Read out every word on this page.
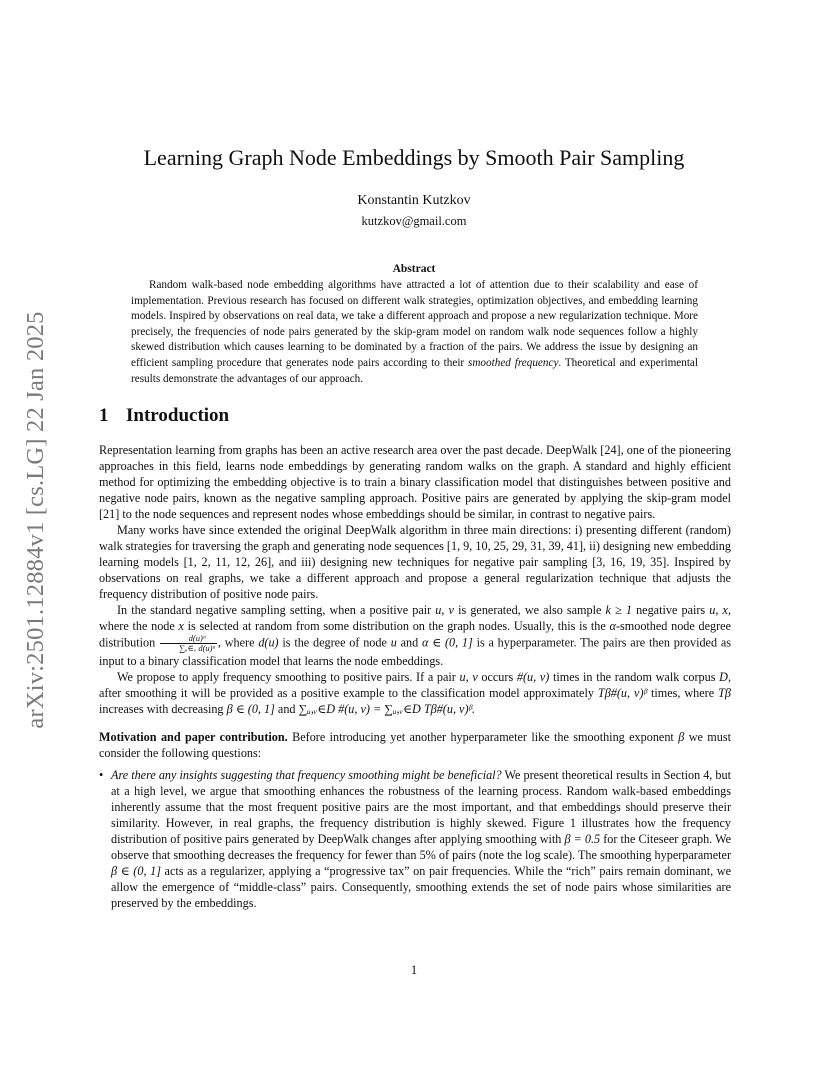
arXiv:2501.12884v1 [cs.LG] 22 Jan 2025
Learning Graph Node Embeddings by Smooth Pair Sampling
Konstantin Kutzkov
kutzkov@gmail.com
Abstract

Random walk-based node embedding algorithms have attracted a lot of attention due to their scalability and ease of implementation. Previous research has focused on different walk strategies, optimization objectives, and embedding learning models. Inspired by observations on real data, we take a different approach and propose a new regularization technique. More precisely, the frequencies of node pairs generated by the skip-gram model on random walk node sequences follow a highly skewed distribution which causes learning to be dominated by a fraction of the pairs. We address the issue by designing an efficient sampling procedure that generates node pairs according to their smoothed frequency. Theoretical and experimental results demonstrate the advantages of our approach.

1 Introduction

Representation learning from graphs has been an active research area over the past decade. DeepWalk [24], one of the pioneering approaches in this field, learns node embeddings by generating random walks on the graph. A standard and highly efficient method for optimizing the embedding objective is to train a binary classification model that distinguishes between positive and negative node pairs, known as the negative sampling approach. Positive pairs are generated by applying the skip-gram model [21] to the node sequences and represent nodes whose embeddings should be similar, in contrast to negative pairs.

Many works have since extended the original DeepWalk algorithm in three main directions: i) presenting different (random) walk strategies for traversing the graph and generating node sequences [1, 9, 10, 25, 29, 31, 39, 41], ii) designing new embedding learning models [1, 2, 11, 12, 26], and iii) designing new techniques for negative pair sampling [3, 16, 19, 35]. Inspired by observations on real graphs, we take a different approach and propose a general regularization technique that adjusts the frequency distribution of positive node pairs.

In the standard negative sampling setting, when a positive pair u, v is generated, we also sample k ≥ 1 negative pairs u, x, where the node x is selected at random from some distribution on the graph nodes. Usually, this is the α-smoothed node degree distribution $\frac{\text{d(u)ᵅ}}{\text{∑ᵤ∈ᵥ d(u)ᵅ}}$ , where d(u) is the degree of node u and α ∈ (0, 1] is a hyperparameter. The pairs are then provided as input to a binary classification model that learns the node embeddings.

We propose to apply frequency smoothing to positive pairs. If a pair u, v occurs #(u, v) times in the random walk corpus D, after smoothing it will be provided as a positive example to the classification model approximately Tβ#(u, v)ᵝ times, where Tβ increases with decreasing β ∈ (0, 1] and ∑ᵤ,ᵥ∈D #(u, v) = ∑ᵤ,ᵥ∈D Tβ#(u, v)ᵝ.

Motivation and paper contribution. Before introducing yet another hyperparameter like the smoothing exponent β we must consider the following questions:

• Are there any insights suggesting that frequency smoothing might be beneficial? We present theoretical results in Section 4, but at a high level, we argue that smoothing enhances the robustness of the learning process. Random walk-based embeddings inherently assume that the most frequent positive pairs are the most important, and that embeddings should preserve their similarity. However, in real graphs, the frequency distribution is highly skewed. Figure 1 illustrates how the frequency distribution of positive pairs generated by DeepWalk changes after applying smoothing with β = 0.5 for the Citeseer graph. We observe that smoothing decreases the frequency for fewer than 5% of pairs (note the log scale). The smoothing hyperparameter β ∈ (0, 1] acts as a regularizer, applying a “progressive tax” on pair frequencies. While the “rich” pairs remain dominant, we allow the emergence of “middle-class” pairs. Consequently, smoothing extends the set of node pairs whose similarities are preserved by the embeddings.
1
